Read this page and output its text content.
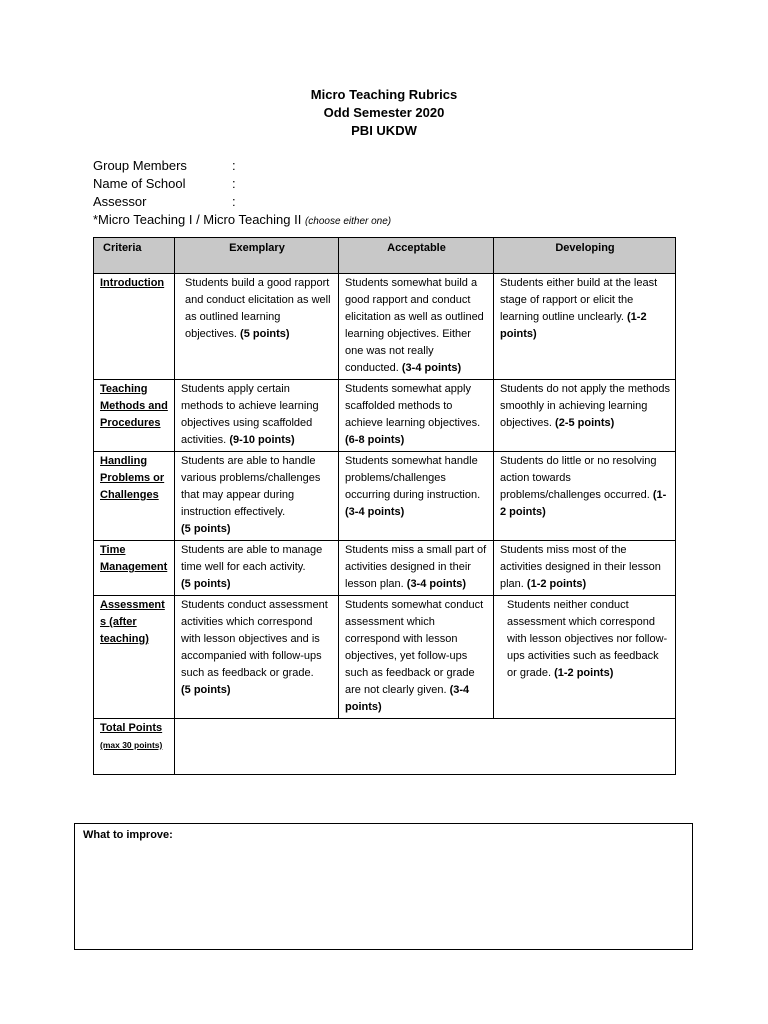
Micro Teaching Rubrics
Odd Semester 2020
PBI UKDW
Group Members	:
Name of School	:
Assessor	:
*Micro Teaching I / Micro Teaching II (choose either one)
Criteria	Exemplary	Acceptable	Developing
Introduction	Students build a good rapport and conduct elicitation as well as outlined learning objectives. (5 points)	Students somewhat build a good rapport and conduct elicitation as well as outlined learning objectives. Either one was not really conducted. (3-4 points)	Students either build at the least stage of rapport or elicit the learning outline unclearly. (1-2 points)
Teaching Methods and Procedures	Students apply certain methods to achieve learning objectives using scaffolded activities. (9-10 points)	Students somewhat apply scaffolded methods to achieve learning objectives. (6-8 points)	Students do not apply the methods smoothly in achieving learning objectives. (2-5 points)
Handling Problems or Challenges	Students are able to handle various problems/challenges that may appear during instruction effectively.
(5 points)	Students somewhat handle problems/challenges occurring during instruction. (3-4 points)	Students do little or no resolving action towards problems/challenges occurred. (1-2 points)
Time Management	Students are able to manage time well for each activity.
(5 points)	Students miss a small part of activities designed in their lesson plan. (3-4 points)	Students miss most of the activities designed in their lesson plan. (1-2 points)
Assessments (after teaching)	Students conduct assessment activities which correspond with lesson objectives and is accompanied with follow-ups such as feedback or grade.
(5 points)	Students somewhat conduct assessment which correspond with lesson objectives, yet follow-ups such as feedback or grade are not clearly given. (3-4 points)	Students neither conduct assessment which correspond with lesson objectives nor follow-ups activities such as feedback or grade. (1-2 points)
Total Points
(max 30 points)			
What to improve:
